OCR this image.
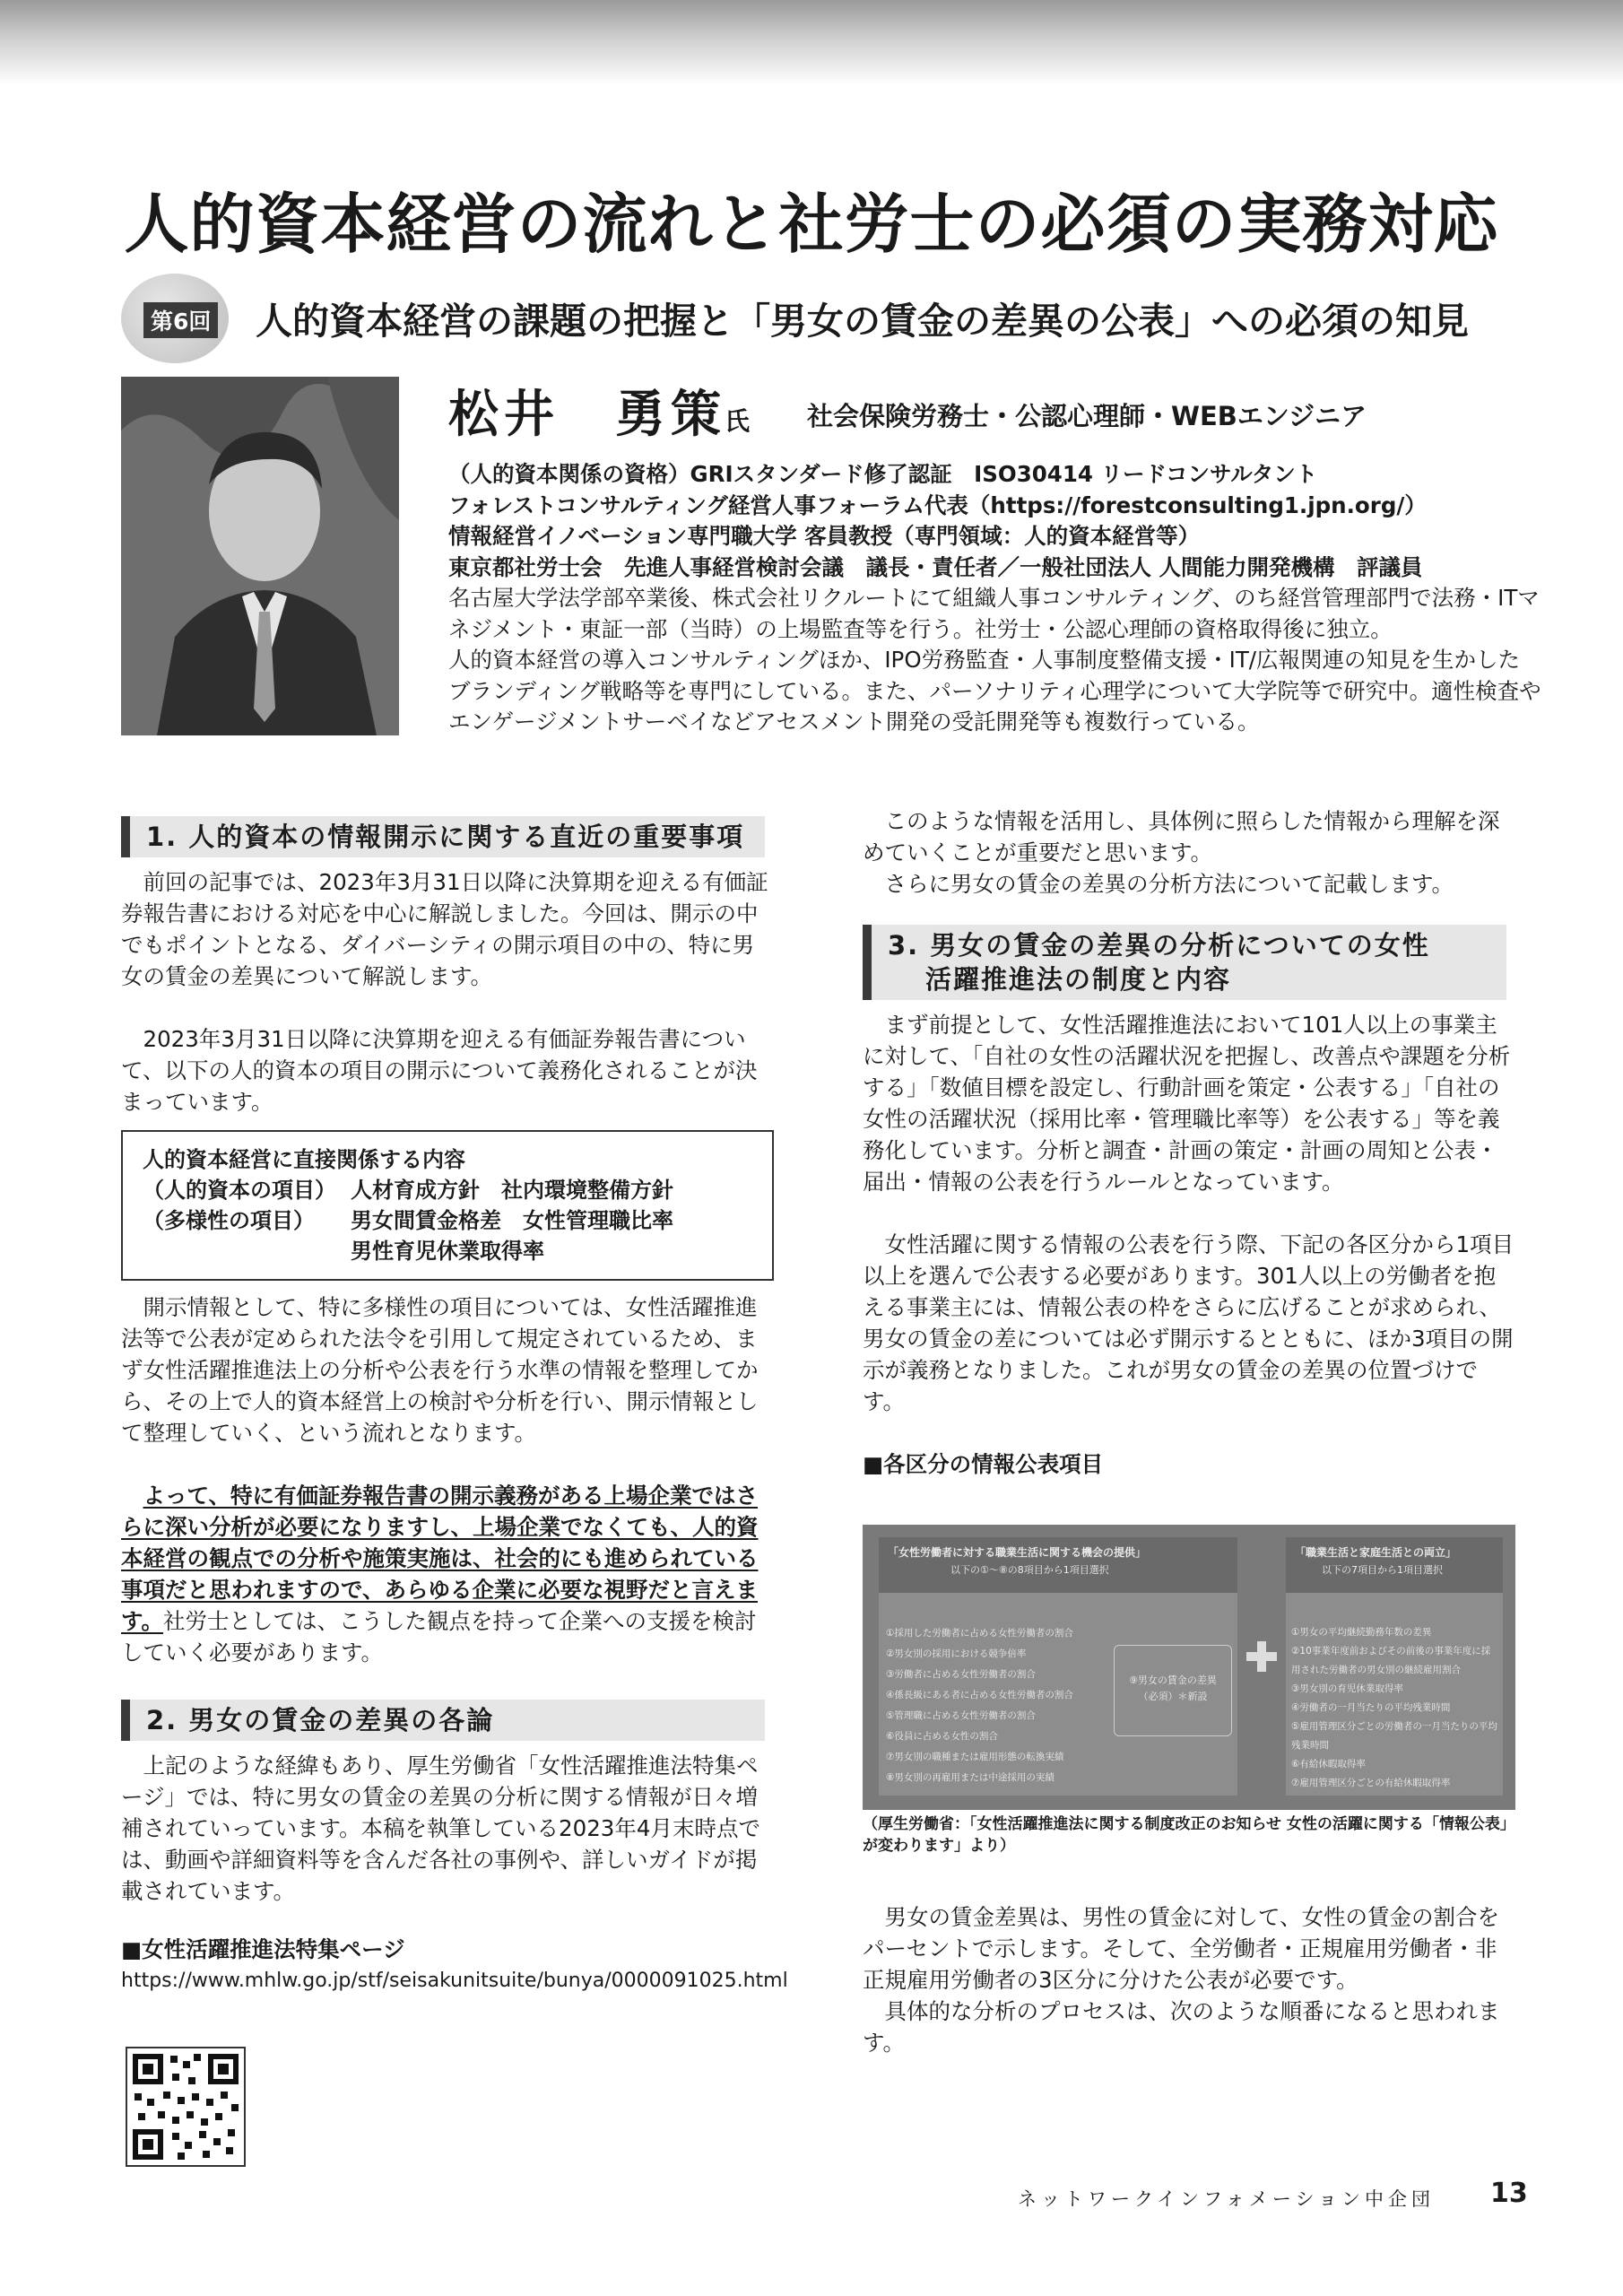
人的資本経営の流れと社労士の必須の実務対応
第6回 人的資本経営の課題の把握と「男女の賃金の差異の公表」への必須の知見
松井　勇策
氏 社会保険労務士・公認心理師・WEBエンジニア
（人的資本関係の資格）GRIスタンダード修了認証　ISO30414 リードコンサルタント
フォレストコンサルティング経営人事フォーラム代表（https://forestconsulting1.jpn.org/）
情報経営イノベーション専門職大学 客員教授（専門領域：人的資本経営等）
東京都社労士会　先進人事経営検討会議　議長・責任者／一般社団法人 人間能力開発機構　評議員
名古屋大学法学部卒業後、株式会社リクルートにて組織人事コンサルティング、のち経営管理部門で法務・ITマ
ネジメント・東証一部（当時）の上場監査等を行う。社労士・公認心理師の資格取得後に独立。
人的資本経営の導入コンサルティングほか、IPO労務監査・人事制度整備支援・IT/広報関連の知見を生かした
ブランディング戦略等を専門にしている。また、パーソナリティ心理学について大学院等で研究中。適性検査や
エンゲージメントサーベイなどアセスメント開発の受託開発等も複数行っている。
1. 人的資本の情報開示に関する直近の重要事項

　前回の記事では、2023年3月31日以降に決算期を迎える有価証券報告書における対応を中心に解説しました。今回は、開示の中でもポイントとなる、ダイバーシティの開示項目の中の、特に男女の賃金の差異について解説します。

　2023年3月31日以降に決算期を迎える有価証券報告書について、以下の人的資本の項目の開示について義務化されることが決まっています。

人的資本経営に直接関係する内容
（人的資本の項目） 人材育成方針　社内環境整備方針
（多様性の項目）	男女間賃金格差　女性管理職比率
男性育児休業取得率

　開示情報として、特に多様性の項目については、女性活躍推進法等で公表が定められた法令を引用して規定されているため、まず女性活躍推進法上の分析や公表を行う水準の情報を整理してから、その上で人的資本経営上の検討や分析を行い、開示情報として整理していく、という流れとなります。

　よって、特に有価証券報告書の開示義務がある上場企業ではさらに深い分析が必要になりますし、上場企業でなくても、人的資本経営の観点での分析や施策実施は、社会的にも進められている事項だと思われますので、あらゆる企業に必要な視野だと言えます。社労士としては、こうした観点を持って企業への支援を検討していく必要があります。

2. 男女の賃金の差異の各論

　上記のような経緯もあり、厚生労働省「女性活躍推進法特集ページ」では、特に男女の賃金の差異の分析に関する情報が日々増補されていっています。本稿を執筆している2023年4月末時点では、動画や詳細資料等を含んだ各社の事例や、詳しいガイドが掲載されています。

■女性活躍推進法特集ページ

https://www.mhlw.go.jp/stf/seisakunitsuite/bunya/0000091025.html

　このような情報を活用し、具体例に照らした情報から理解を深めていくことが重要だと思います。

　さらに男女の賃金の差異の分析方法について記載します。

3. 男女の賃金の差異の分析についての女性
活躍推進法の制度と内容

　まず前提として、女性活躍推進法において101人以上の事業主に対して、「自社の女性の活躍状況を把握し、改善点や課題を分析する」「数値目標を設定し、行動計画を策定・公表する」「自社の女性の活躍状況（採用比率・管理職比率等）を公表する」等を義務化しています。分析と調査・計画の策定・計画の周知と公表・届出・情報の公表を行うルールとなっています。

　女性活躍に関する情報の公表を行う際、下記の各区分から1項目以上を選んで公表する必要があります。301人以上の労働者を抱える事業主には、情報公表の枠をさらに広げることが求められ、男女の賃金の差については必ず開示するとともに、ほか3項目の開示が義務となりました。これが男女の賃金の差異の位置づけです。

■各区分の情報公表項目

「女性労働者に対する職業生活に関する機会の提供」
以下の①～⑧の8項目から1項目選択
①採用した労働者に占める女性労働者の割合
②男女別の採用における競争倍率
③労働者に占める女性労働者の割合
④係長級にある者に占める女性労働者の割合
⑤管理職に占める女性労働者の割合
⑥役員に占める女性の割合
⑦男女別の職種または雇用形態の転換実績
⑧男女別の再雇用または中途採用の実績
⑨男女の賃金の差異（必須）＊新設
「職業生活と家庭生活との両立」
以下の7項目から1項目選択
①男女の平均継続勤務年数の差異
②10事業年度前およびその前後の事業年度に採用された労働者の男女別の継続雇用割合
③男女別の育児休業取得率
④労働者の一月当たりの平均残業時間
⑤雇用管理区分ごとの労働者の一月当たりの平均残業時間
⑥有給休暇取得率
⑦雇用管理区分ごとの有給休暇取得率
（厚生労働省：「女性活躍推進法に関する制度改正のお知らせ 女性の活躍に関する「情報公表」が変わります」より）

　男女の賃金差異は、男性の賃金に対して、女性の賃金の割合をパーセントで示します。そして、全労働者・正規雇用労働者・非正規雇用労働者の3区分に分けた公表が必要です。

　具体的な分析のプロセスは、次のような順番になると思われます。

ネットワークインフォメーション中企団 13
